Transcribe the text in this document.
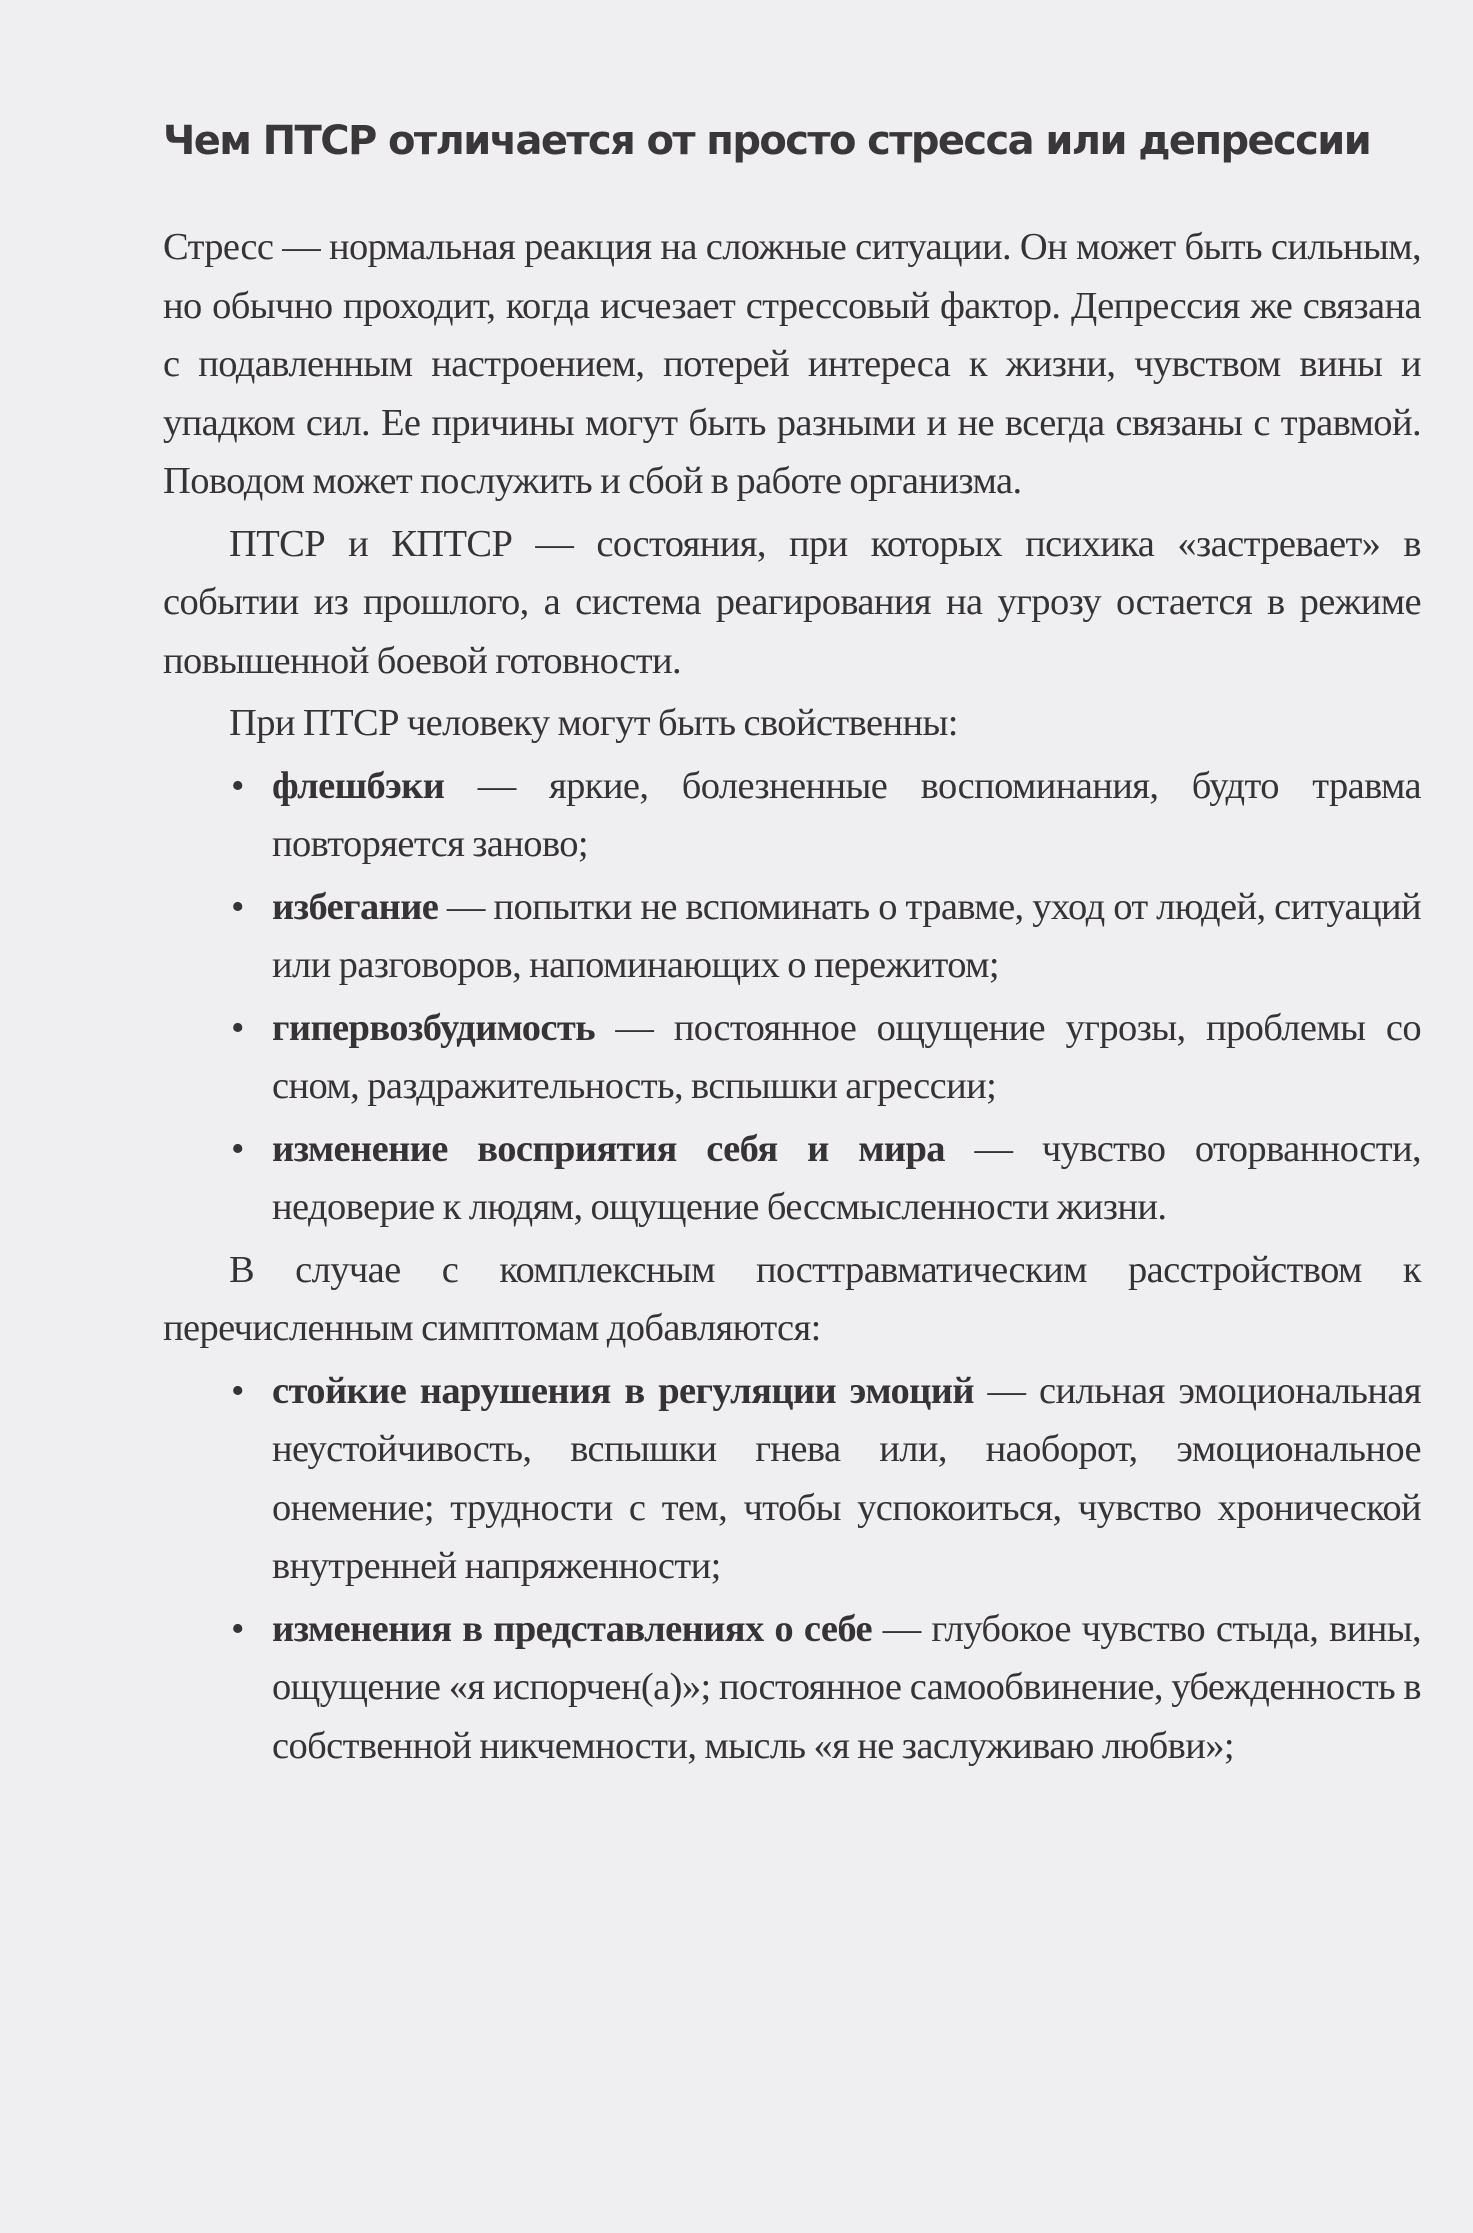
Чем ПТСР отличается от просто стресса или депрессии

Стресс — нормальная реакция на сложные ситуации. Он может быть сильным, но обычно проходит, когда исчезает стрессовый фактор. Депрессия же связана с подавленным настроением, потерей интереса к жизни, чувством вины и упадком сил. Ее причины могут быть разными и не всегда связаны с травмой. Поводом может послужить и сбой в работе организма.

ПТСР и КПТСР — состояния, при которых психика «застревает» в событии из прошлого, а система реагирования на угрозу остается в режиме повышенной боевой готовности.

При ПТСР человеку могут быть свойственны:

• флешбэки — яркие, болезненные воспоминания, будто травма повторяется заново;
• избегание — попытки не вспоминать о травме, уход от людей, ситуаций или разговоров, напоминающих о пережитом;
• гипервозбудимость — постоянное ощущение угрозы, проблемы со сном, раздражительность, вспышки агрессии;
• изменение восприятия себя и мира — чувство оторванности, недоверие к людям, ощущение бессмысленности жизни.

В случае с комплексным посттравматическим расстройством к перечисленным симптомам добавляются:

• стойкие нарушения в регуляции эмоций — сильная эмоциональная неустойчивость, вспышки гнева или, наоборот, эмоциональное онемение; трудности с тем, чтобы успокоиться, чувство хронической внутренней напряженности;
• изменения в представлениях о себе — глубокое чувство стыда, вины, ощущение «я испорчен(а)»; постоянное самообвинение, убежденность в собственной никчемности, мысль «я не заслуживаю любви»;
